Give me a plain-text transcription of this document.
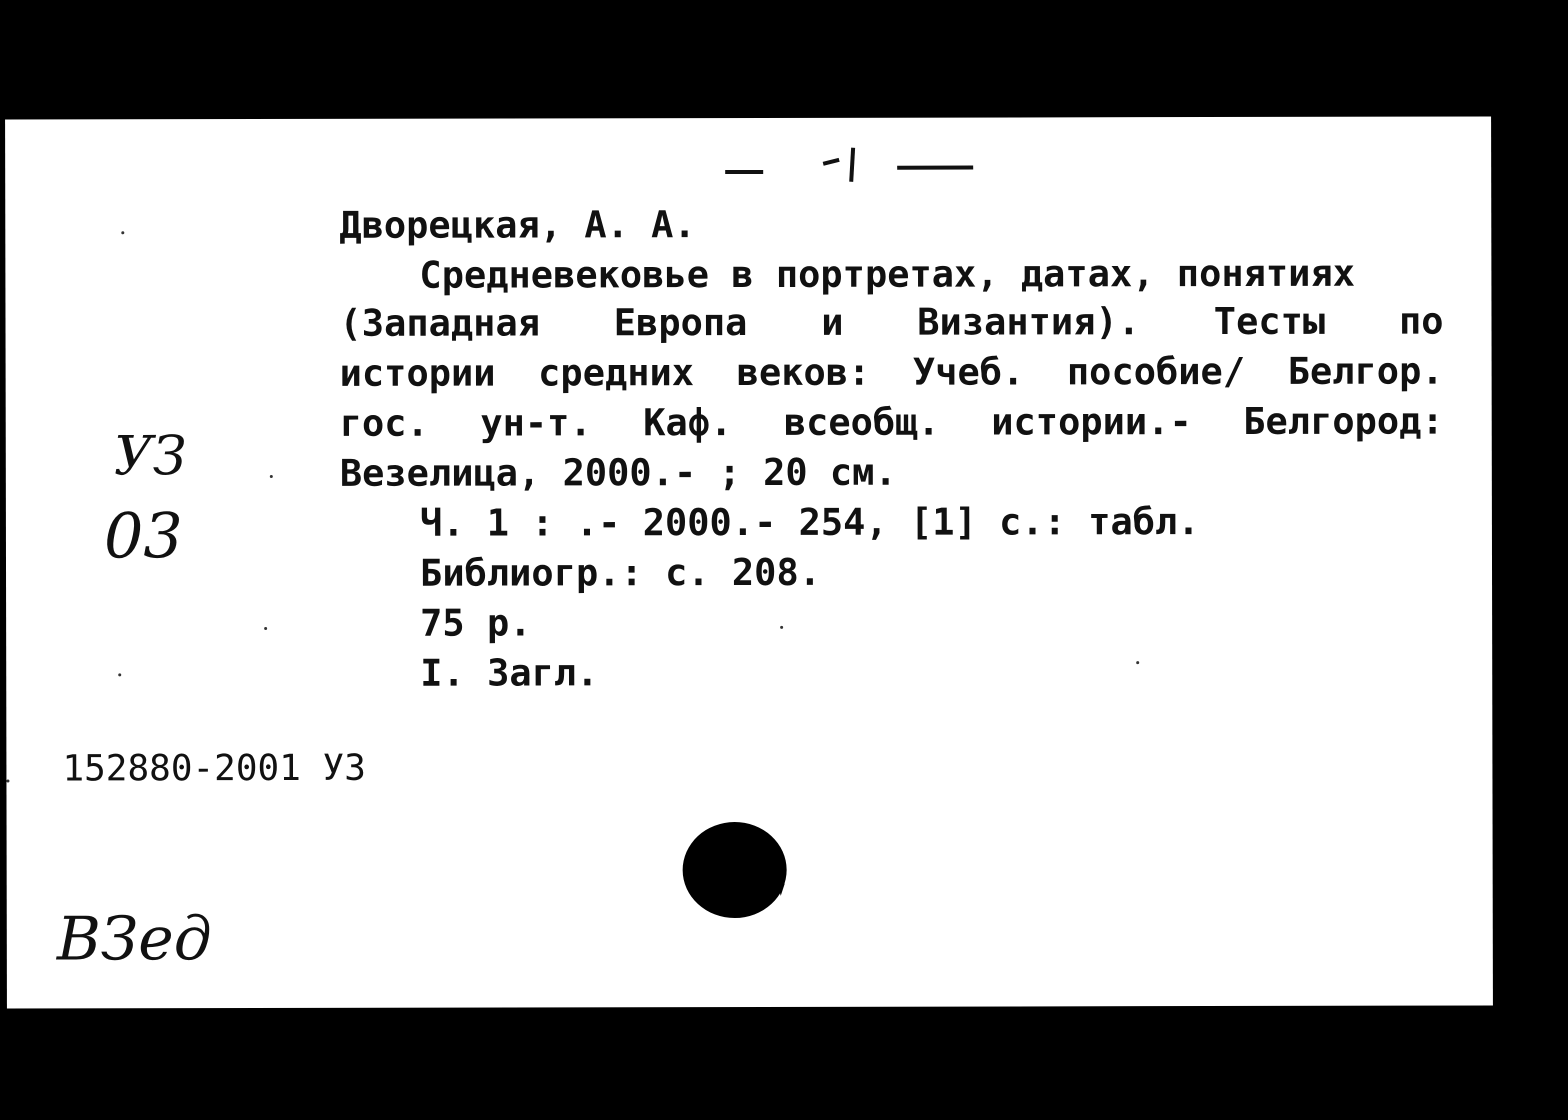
Дворецкая, А. А.
Средневековье в портретах, датах, понятиях
(Западная Европа и Византия). Тесты по
истории средних веков: Учеб. пособие/ Белгор.
гос. ун-т. Каф. всеобщ. истории.- Белгород:
Везелица, 2000.- ; 20 см.
Ч. 1 : .- 2000.- 254, [1] с.: табл.
Библиогр.: с. 208.
75 р.
I. Загл.
152880-2001 УЗ
УЗ
03
ВЗед
